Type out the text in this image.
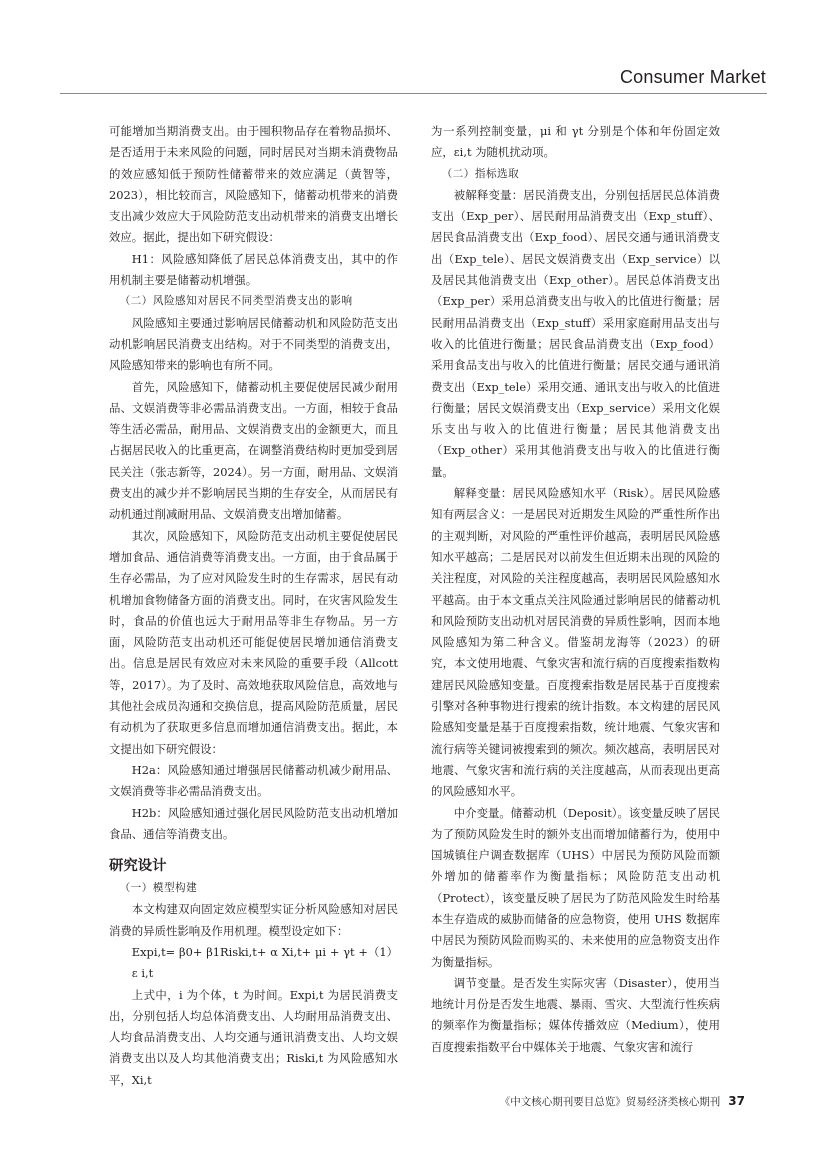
Consumer Market

可能增加当期消费支出。由于囤积物品存在着物品损坏、是否适用于未来风险的问题，同时居民对当期未消费物品的效应感知低于预防性储蓄带来的效应满足（黄智等，2023），相比较而言，风险感知下，储蓄动机带来的消费支出减少效应大于风险防范支出动机带来的消费支出增长效应。据此，提出如下研究假设：

H1：风险感知降低了居民总体消费支出，其中的作用机制主要是储蓄动机增强。

（二）风险感知对居民不同类型消费支出的影响

风险感知主要通过影响居民储蓄动机和风险防范支出动机影响居民消费支出结构。对于不同类型的消费支出，风险感知带来的影响也有所不同。

首先，风险感知下，储蓄动机主要促使居民减少耐用品、文娱消费等非必需品消费支出。一方面，相较于食品等生活必需品，耐用品、文娱消费支出的金额更大，而且占据居民收入的比重更高，在调整消费结构时更加受到居民关注（张志新等，2024）。另一方面，耐用品、文娱消费支出的减少并不影响居民当期的生存安全，从而居民有动机通过削减耐用品、文娱消费支出增加储蓄。

其次，风险感知下，风险防范支出动机主要促使居民增加食品、通信消费等消费支出。一方面，由于食品属于生存必需品，为了应对风险发生时的生存需求，居民有动机增加食物储备方面的消费支出。同时，在灾害风险发生时，食品的价值也远大于耐用品等非生存物品。另一方面，风险防范支出动机还可能促使居民增加通信消费支出。信息是居民有效应对未来风险的重要手段（Allcott等，2017）。为了及时、高效地获取风险信息，高效地与其他社会成员沟通和交换信息，提高风险防范质量，居民有动机为了获取更多信息而增加通信消费支出。据此，本文提出如下研究假设：

H2a：风险感知通过增强居民储蓄动机减少耐用品、文娱消费等非必需品消费支出。

H2b：风险感知通过强化居民风险防范支出动机增加食品、通信等消费支出。

研究设计

（一）模型构建

本文构建双向固定效应模型实证分析风险感知对居民消费的异质性影响及作用机理。模型设定如下：

Expi,t= β0+ β1Riski,t+ α Xi,t+ μi + γt + ε i,t
（1）

上式中，i 为个体，t 为时间。Expi,t 为居民消费支出，分别包括人均总体消费支出、人均耐用品消费支出、人均食品消费支出、人均交通与通讯消费支出、人均文娱消费支出以及人均其他消费支出；Riski,t 为风险感知水平，Xi,t

为一系列控制变量，μi 和 γt 分别是个体和年份固定效应，εi,t 为随机扰动项。

（二）指标选取

被解释变量：居民消费支出，分别包括居民总体消费支出（Exp_per）、居民耐用品消费支出（Exp_stuff）、居民食品消费支出（Exp_food）、居民交通与通讯消费支出（Exp_tele）、居民文娱消费支出（Exp_service）以及居民其他消费支出（Exp_other）。居民总体消费支出（Exp_per）采用总消费支出与收入的比值进行衡量；居民耐用品消费支出（Exp_stuff）采用家庭耐用品支出与收入的比值进行衡量；居民食品消费支出（Exp_food）采用食品支出与收入的比值进行衡量；居民交通与通讯消费支出（Exp_tele）采用交通、通讯支出与收入的比值进行衡量；居民文娱消费支出（Exp_service）采用文化娱乐支出与收入的比值进行衡量；居民其他消费支出（Exp_other）采用其他消费支出与收入的比值进行衡量。

解释变量：居民风险感知水平（Risk）。居民风险感知有两层含义：一是居民对近期发生风险的严重性所作出的主观判断，对风险的严重性评价越高，表明居民风险感知水平越高；二是居民对以前发生但近期未出现的风险的关注程度，对风险的关注程度越高，表明居民风险感知水平越高。由于本文重点关注风险通过影响居民的储蓄动机和风险预防支出动机对居民消费的异质性影响，因而本地风险感知为第二种含义。借鉴胡龙海等（2023）的研究，本文使用地震、气象灾害和流行病的百度搜索指数构建居民风险感知变量。百度搜索指数是居民基于百度搜索引擎对各种事物进行搜索的统计指数。本文构建的居民风险感知变量是基于百度搜索指数，统计地震、气象灾害和流行病等关键词被搜索到的频次。频次越高，表明居民对地震、气象灾害和流行病的关注度越高，从而表现出更高的风险感知水平。

中介变量。储蓄动机（Deposit）。该变量反映了居民为了预防风险发生时的额外支出而增加储蓄行为，使用中国城镇住户调查数据库（UHS）中居民为预防风险而额外增加的储蓄率作为衡量指标；风险防范支出动机（Protect），该变量反映了居民为了防范风险发生时给基本生存造成的威胁而储备的应急物资，使用 UHS 数据库中居民为预防风险而购买的、未来使用的应急物资支出作为衡量指标。

调节变量。是否发生实际灾害（Disaster），使用当地统计月份是否发生地震、暴雨、雪灾、大型流行性疾病的频率作为衡量指标；媒体传播效应（Medium），使用百度搜索指数平台中媒体关于地震、气象灾害和流行

《中文核心期刊要目总览》贸易经济类核心期刊 37
